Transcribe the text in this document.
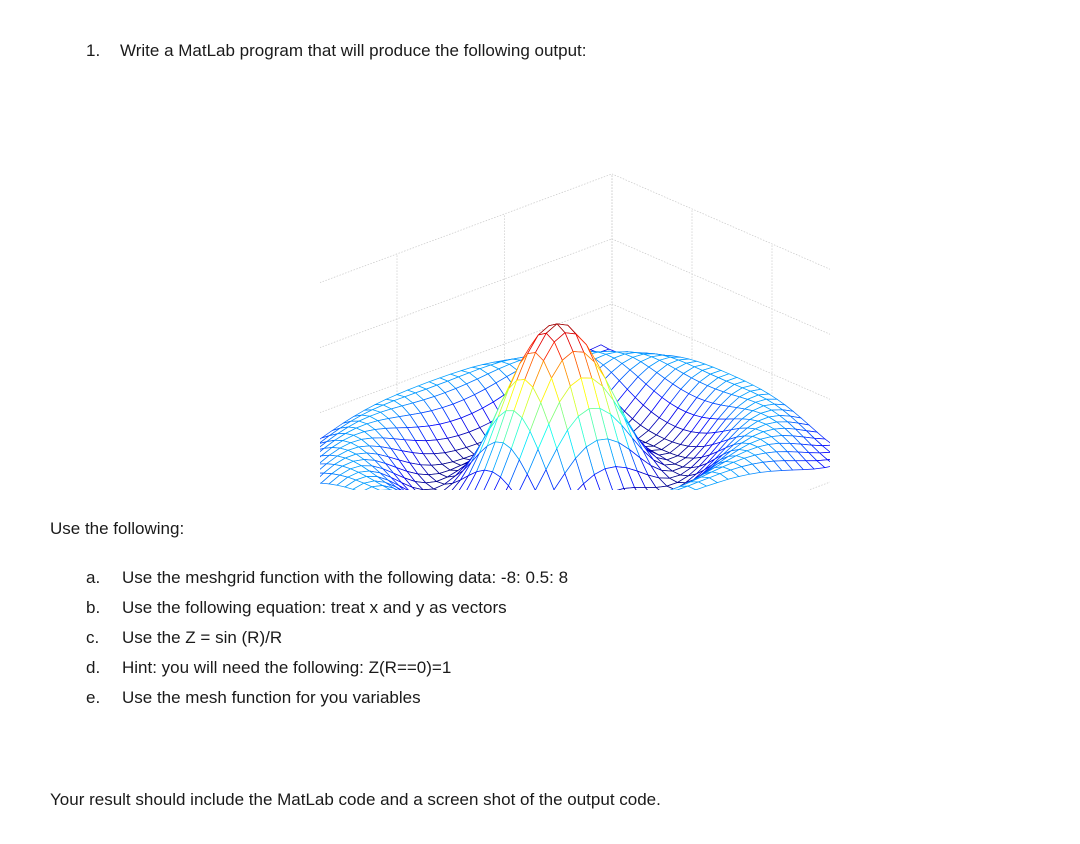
1. Write a MatLab program that will produce the following output:
Use the following:
a. Use the meshgrid function with the following data: -8: 0.5: 8
b. Use the following equation: treat x and y as vectors
c. Use the Z = sin (R)/R
d. Hint: you will need the following: Z(R==0)=1
e. Use the mesh function for you variables
Your result should include the MatLab code and a screen shot of the output code.
